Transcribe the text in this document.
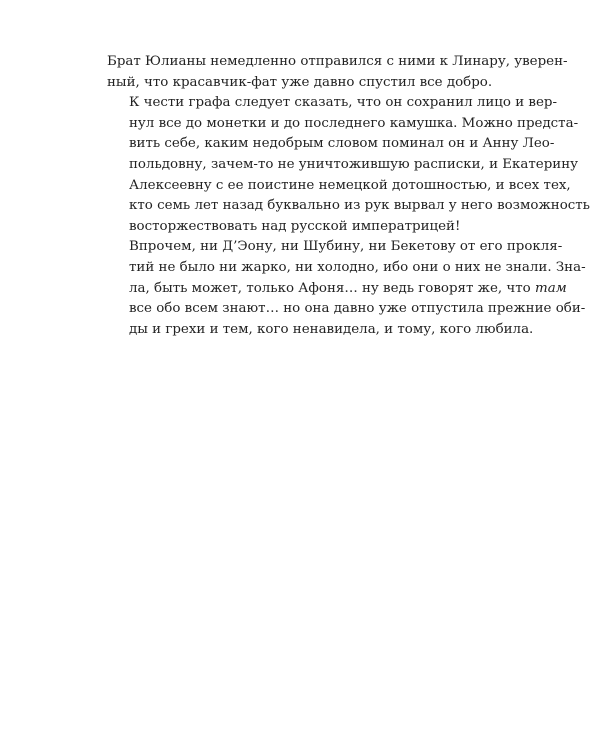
Брат Юлианы немедленно отправился с ними к Линару, уверен-
ный, что красавчик-фат уже давно спустил все добро.

К чести графа следует сказать, что он сохранил лицо и вер-
нул все до монетки и до последнего камушка. Можно предста-
вить себе, каким недобрым словом поминал он и Анну Лео-
польдовну, зачем-то не уничтожившую расписки, и Екатерину
Алексеевну с ее поистине немецкой дотошностью, и всех тех,
кто семь лет назад буквально из рук вырвал у него возможность
восторжествовать над русской императрицей!

Впрочем, ни Д’Эону, ни Шубину, ни Бекетову от его прокля-
тий не было ни жарко, ни холодно, ибо они о них не знали. Зна-
ла, быть может, только Афоня… ну ведь говорят же, что там
все обо всем знают… но она давно уже отпустила прежние оби-
ды и грехи и тем, кого ненавидела, и тому, кого любила.
